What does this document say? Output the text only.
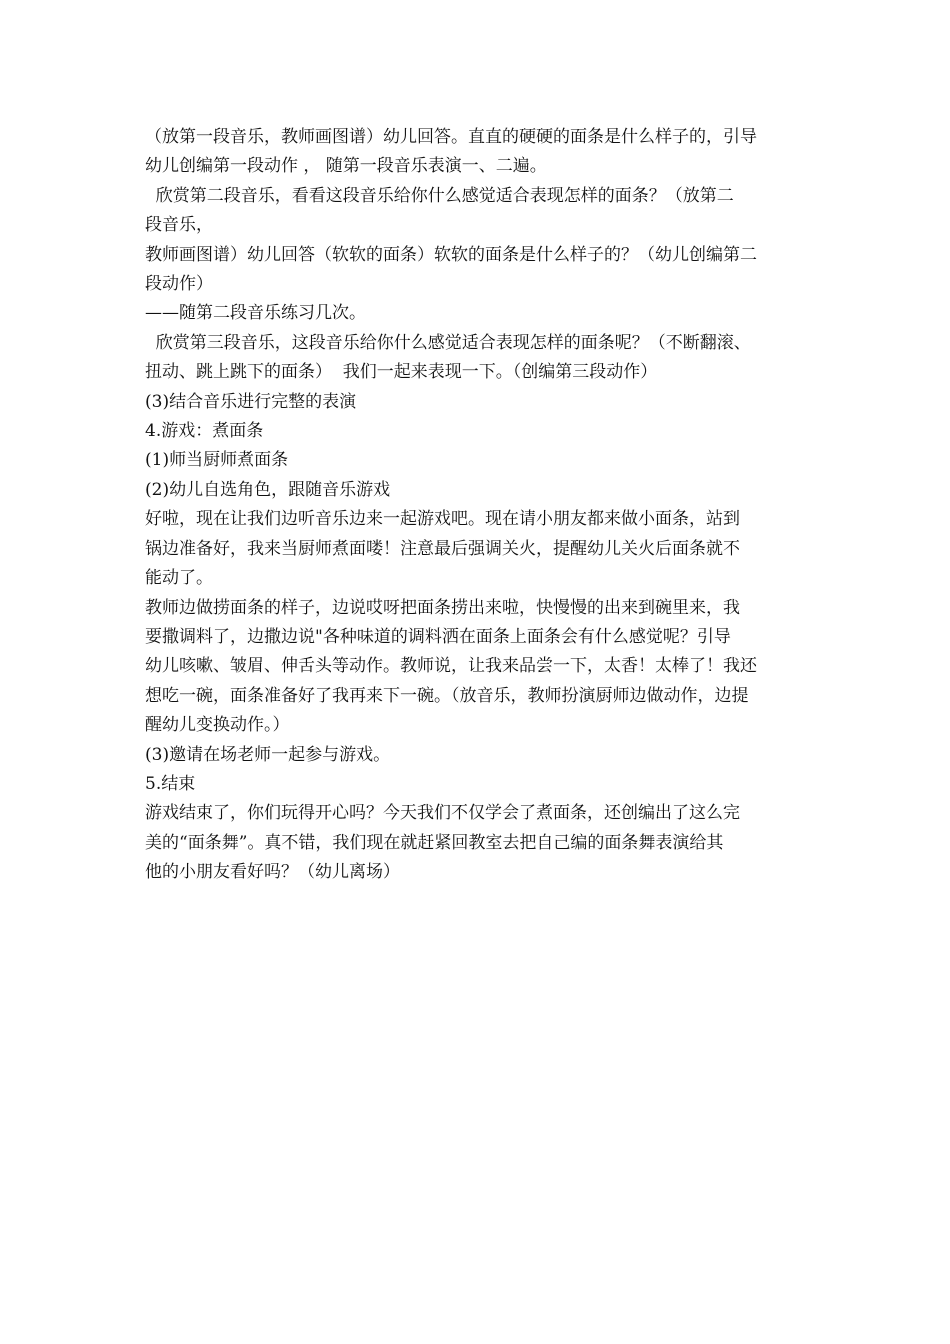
（放第一段音乐，教师画图谱）幼儿回答。直直的硬硬的面条是什么样子的，引导
幼儿创编第一段动作 ， 随第一段音乐表演一、二遍。
欣赏第二段音乐，看看这段音乐给你什么感觉适合表现怎样的面条？（放第二
段音乐，
教师画图谱）幼儿回答（软软的面条）软软的面条是什么样子的？（幼儿创编第二
段动作）
——随第二段音乐练习几次。
欣赏第三段音乐，这段音乐给你什么感觉适合表现怎样的面条呢？（不断翻滚、
扭动、跳上跳下的面条）  我们一起来表现一下。（创编第三段动作）
(3)结合音乐进行完整的表演
4.游戏：煮面条
(1)师当厨师煮面条
(2)幼儿自选角色，跟随音乐游戏
好啦，现在让我们边听音乐边来一起游戏吧。现在请小朋友都来做小面条，站到
锅边准备好，我来当厨师煮面喽！注意最后强调关火，提醒幼儿关火后面条就不
能动了。
教师边做捞面条的样子，边说哎呀把面条捞出来啦，快慢慢的出来到碗里来，我
要撒调料了，边撒边说"各种味道的调料洒在面条上面条会有什么感觉呢？引导
幼儿咳嗽、皱眉、伸舌头等动作。教师说，让我来品尝一下，太香！太棒了！我还
想吃一碗，面条准备好了我再来下一碗。（放音乐，教师扮演厨师边做动作，边提
醒幼儿变换动作。）
(3)邀请在场老师一起参与游戏。
5.结束
游戏结束了，你们玩得开心吗？今天我们不仅学会了煮面条，还创编出了这么完
美的“面条舞”。真不错，我们现在就赶紧回教室去把自己编的面条舞表演给其
他的小朋友看好吗？（幼儿离场）
